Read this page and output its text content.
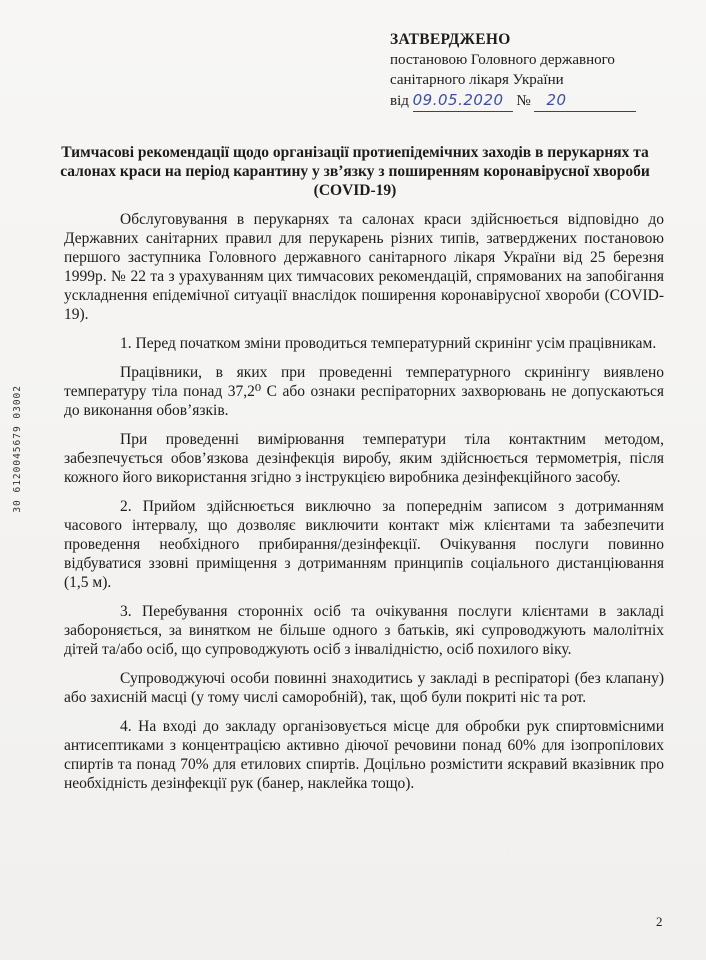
ЗАТВЕРДЖЕНО
постановою Головного державного
санітарного лікаря України
від 09.05.2020 № 20
Тимчасові рекомендації щодо організації протиепідемічних заходів в перукарнях та салонах краси на період карантину у зв’язку з поширенням коронавірусної хвороби (COVID-19)

Обслуговування в перукарнях та салонах краси здійснюється відповідно до Державних санітарних правил для перукарень різних типів, затверджених постановою першого заступника Головного державного санітарного лікаря України від 25 березня 1999р. № 22 та з урахуванням цих тимчасових рекомендацій, спрямованих на запобігання ускладнення епідемічної ситуації внаслідок поширення коронавірусної хвороби (COVID-19).

1. Перед початком зміни проводиться температурний скринінг усім працівникам.

Працівники, в яких при проведенні температурного скринінгу виявлено температуру тіла понад 37,2⁰ С або ознаки респіраторних захворювань не допускаються до виконання обов’язків.

При проведенні вимірювання температури тіла контактним методом, забезпечується обов’язкова дезінфекція виробу, яким здійснюється термометрія, після кожного його використання згідно з інструкцією виробника дезінфекційного засобу.

2. Прийом здійснюється виключно за попереднім записом з дотриманням часового інтервалу, що дозволяє виключити контакт між клієнтами та забезпечити проведення необхідного прибирання/дезінфекції. Очікування послуги повинно відбуватися ззовні приміщення з дотриманням принципів соціального дистанціювання (1,5 м).

3. Перебування сторонніх осіб та очікування послуги клієнтами в закладі забороняється, за винятком не більше одного з батьків, які супроводжують малолітніх дітей та/або осіб, що супроводжують осіб з інвалідністю, осіб похилого віку.

Супроводжуючі особи повинні знаходитись у закладі в респіраторі (без клапану) або захисній масці (у тому числі саморобній), так, щоб були покриті ніс та рот.

4. На вході до закладу організовується місце для обробки рук спиртовмісними антисептиками з концентрацією активно діючої речовини понад 60% для ізопропілових спиртів та понад 70% для етилових спиртів. Доцільно розмістити яскравий вказівник про необхідність дезінфекції рук (банер, наклейка тощо).

30 6120045679 03002
2
